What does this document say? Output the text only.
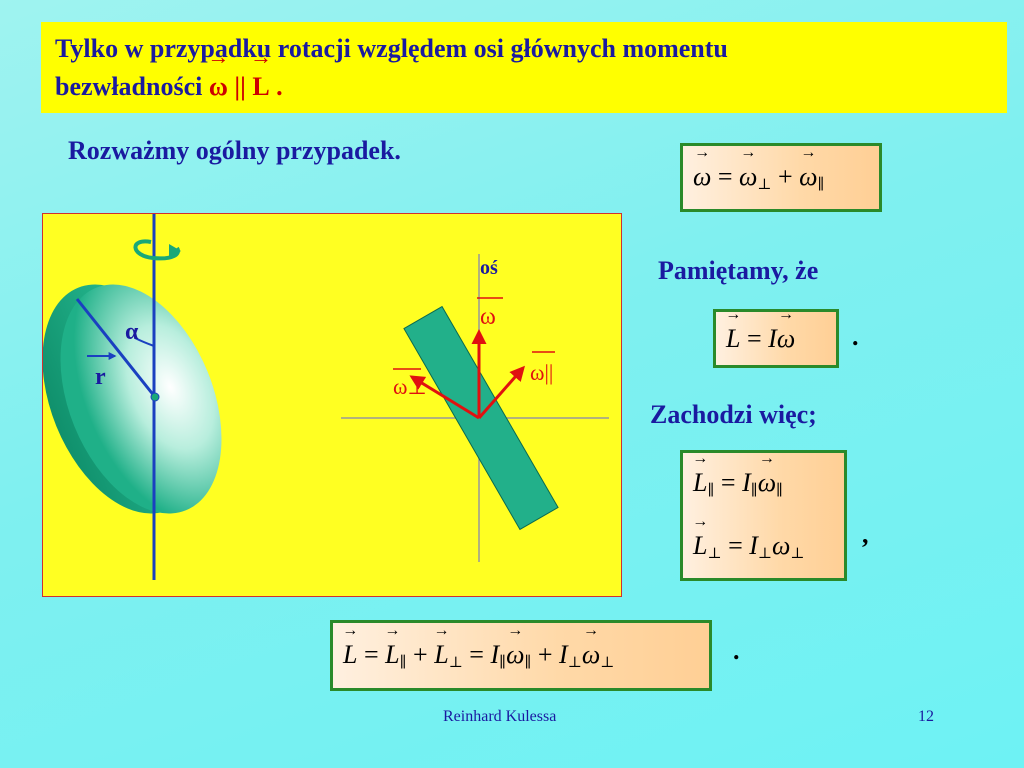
Tylko w przypadku rotacji względem osi głównych momentu
bezwładności → ω || → L .
Rozważmy ogólny przypadek.
→ ω = → $\omega_\perp$ + → $\omega_\parallel$
Pamiętamy, że
→ L = I→ ω	.
Zachodzi więc;
→ $L_\parallel = I_\parallel\to \omega_\parallel$
→ $L_\perp = I_\perp\omega_\perp$
,
→ L = → $L_\parallel$ + → $L_\perp = I_\parallel\to \omega_\parallel + I_\perp\to \omega_\perp$	.
α
r
oś
ω
ω⊥
ω||
Reinhard Kulessa	12
